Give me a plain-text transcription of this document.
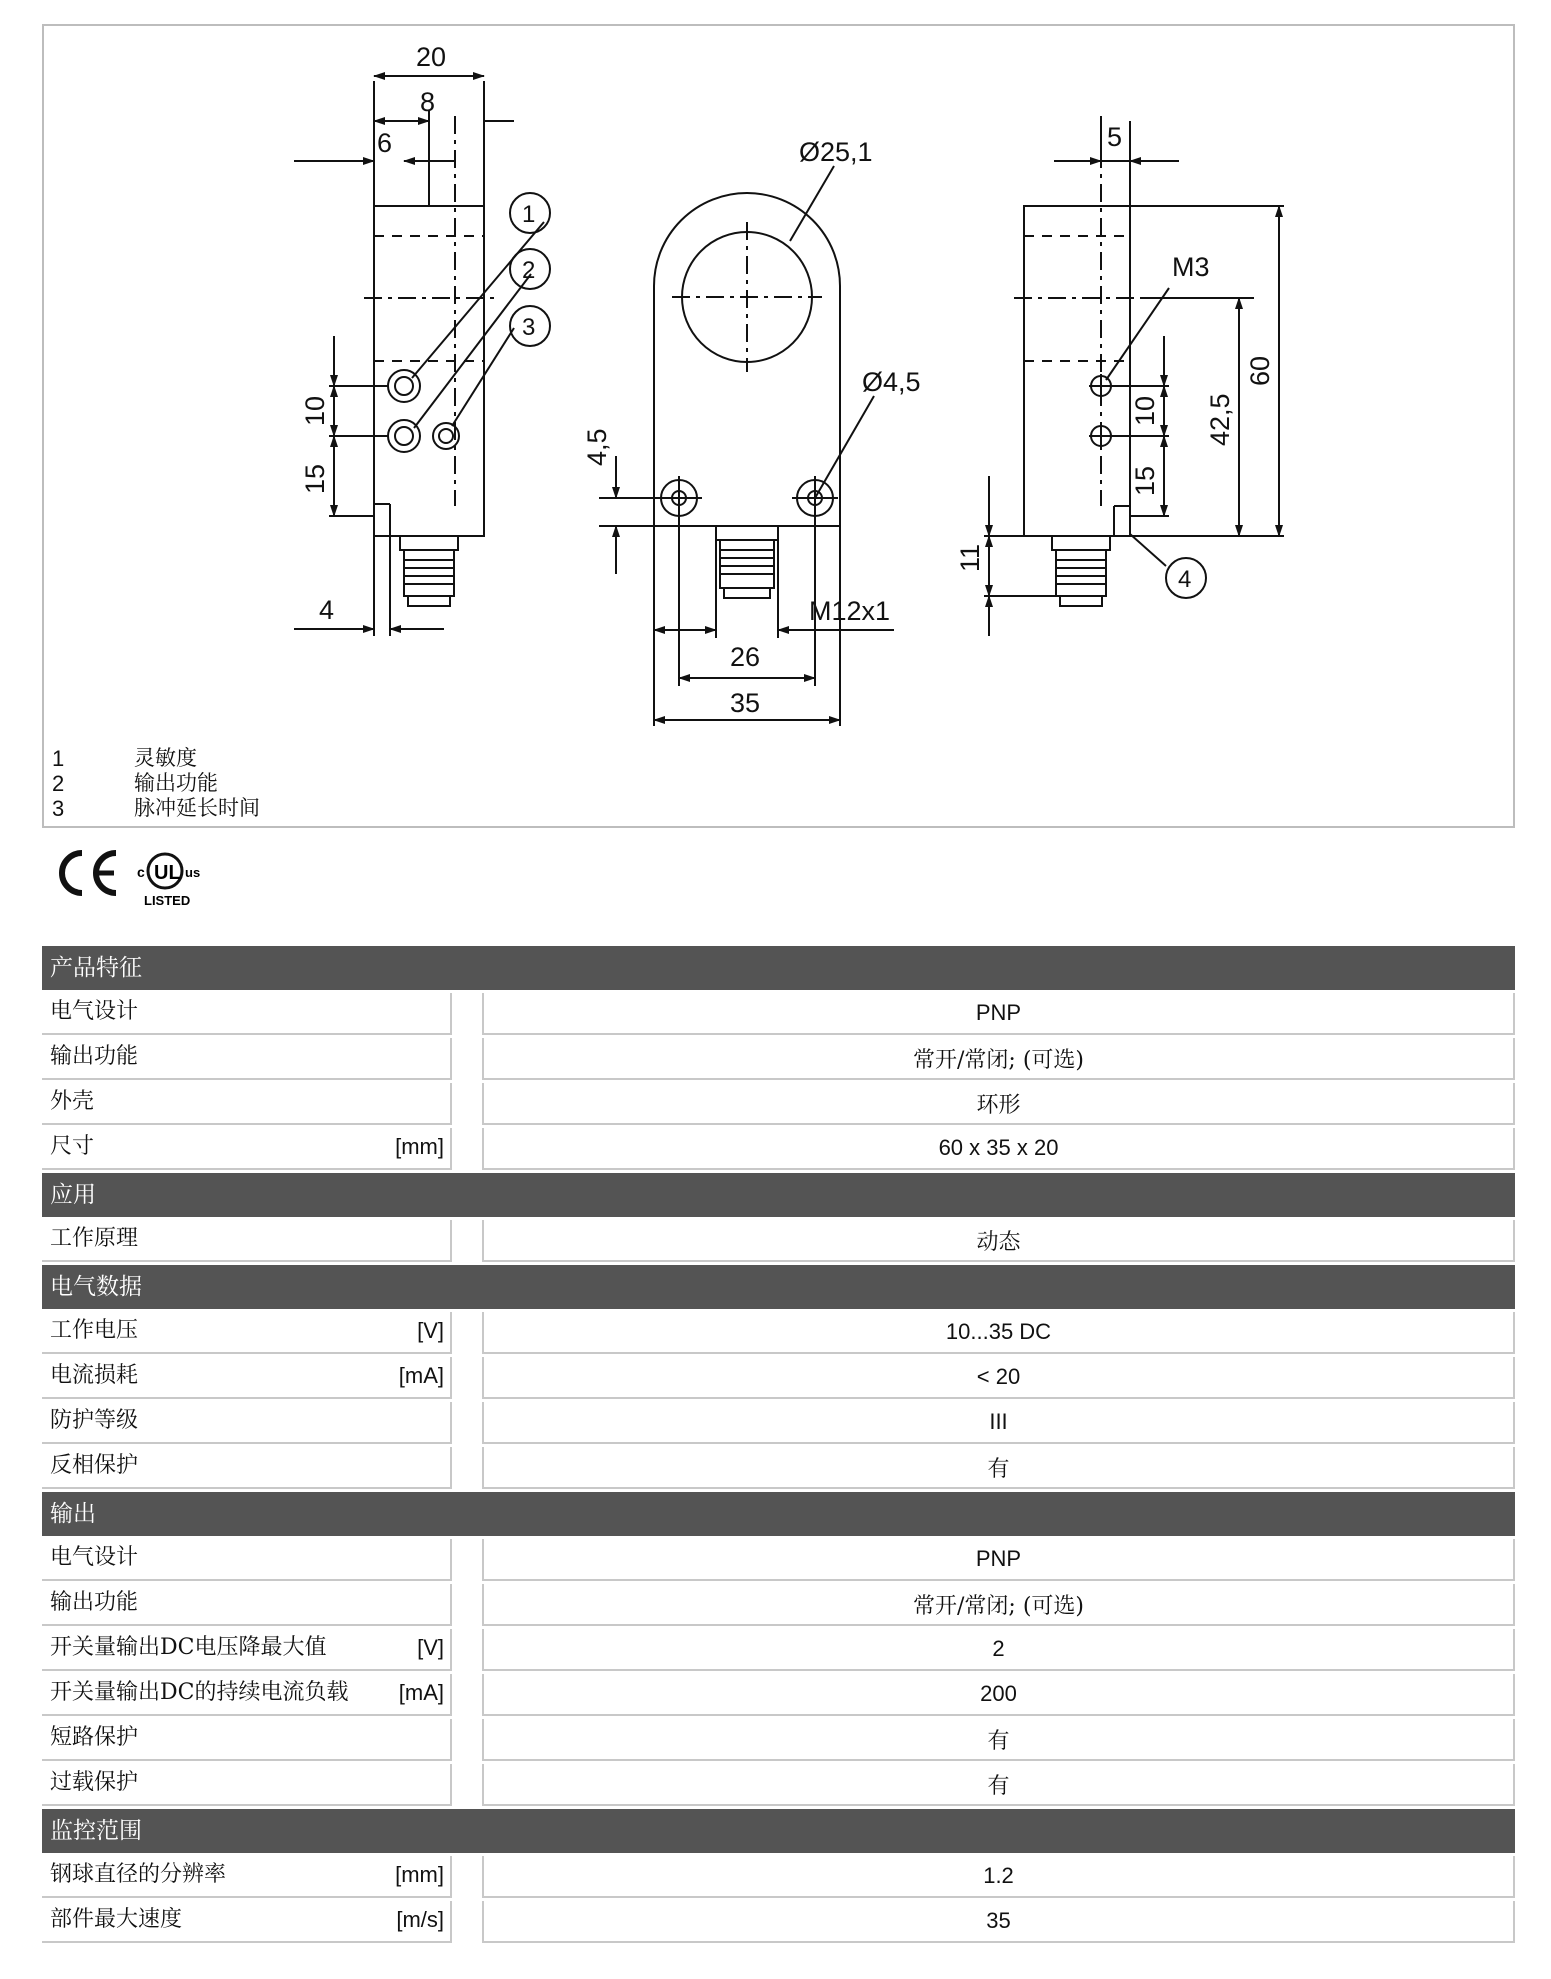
20
8
6
10
15
4
1
2
3
Ø25,1
Ø4,5
4,5
26
35
M12x1
5
M3
60
42,5
10
15
11
4
1	灵敏度
2	输出功能
3	脉冲延长时间
UL
c	us
LISTED
产品特征
电气设计	PNP
输出功能	常开/常闭; (可选)
外壳	环形
尺寸	[mm]	60 x 35 x 20
应用
工作原理	动态
电气数据
工作电压	[V]	10...35 DC
电流损耗	[mA]	< 20
防护等级	III
反相保护	有
输出
电气设计	PNP
输出功能	常开/常闭; (可选)
开关量输出DC电压降最大值	[V]	2
开关量输出DC的持续电流负载	[mA]	200
短路保护	有
过载保护	有
监控范围
钢球直径的分辨率	[mm]	1.2
部件最大速度	[m/s]	35
